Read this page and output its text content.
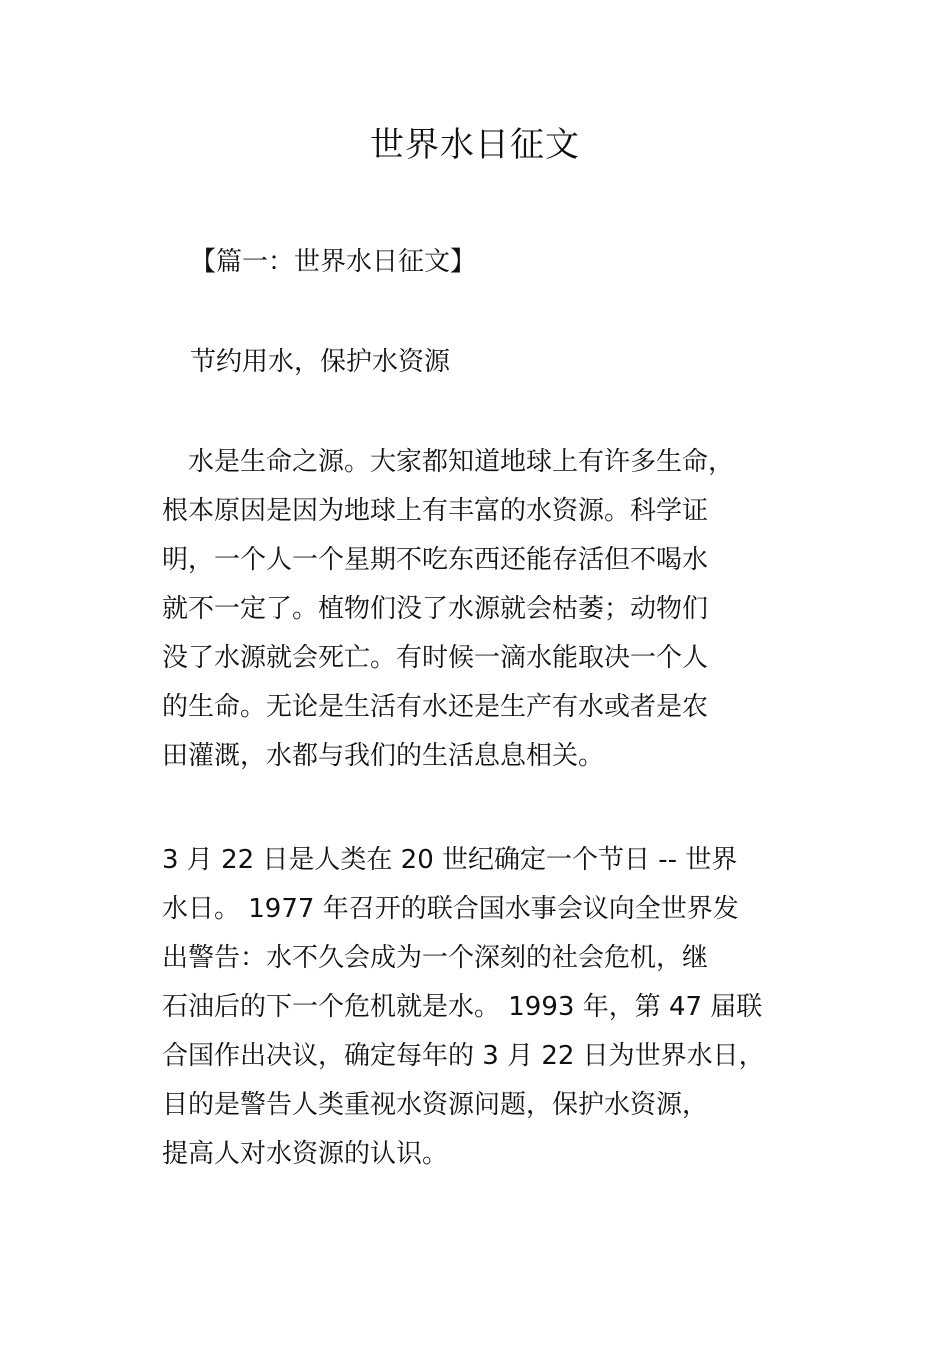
世界水日征文

【篇一：世界水日征文】

节约用水，保护水资源

　水是生命之源。大家都知道地球上有许多生命，
根本原因是因为地球上有丰富的水资源。科学证
明，一个人一个星期不吃东西还能存活但不喝水
就不一定了。植物们没了水源就会枯萎；动物们
没了水源就会死亡。有时候一滴水能取决一个人
的生命。无论是生活有水还是生产有水或者是农
田灌溉，水都与我们的生活息息相关。
3 月 22 日是人类在 20 世纪确定一个节日 -- 世界
水日。 1977 年召开的联合国水事会议向全世界发
出警告：水不久会成为一个深刻的社会危机，继
石油后的下一个危机就是水。 1993 年，第 47 届联
合国作出决议，确定每年的 3 月 22 日为世界水日，
目的是警告人类重视水资源问题，保护水资源，
提高人对水资源的认识。
